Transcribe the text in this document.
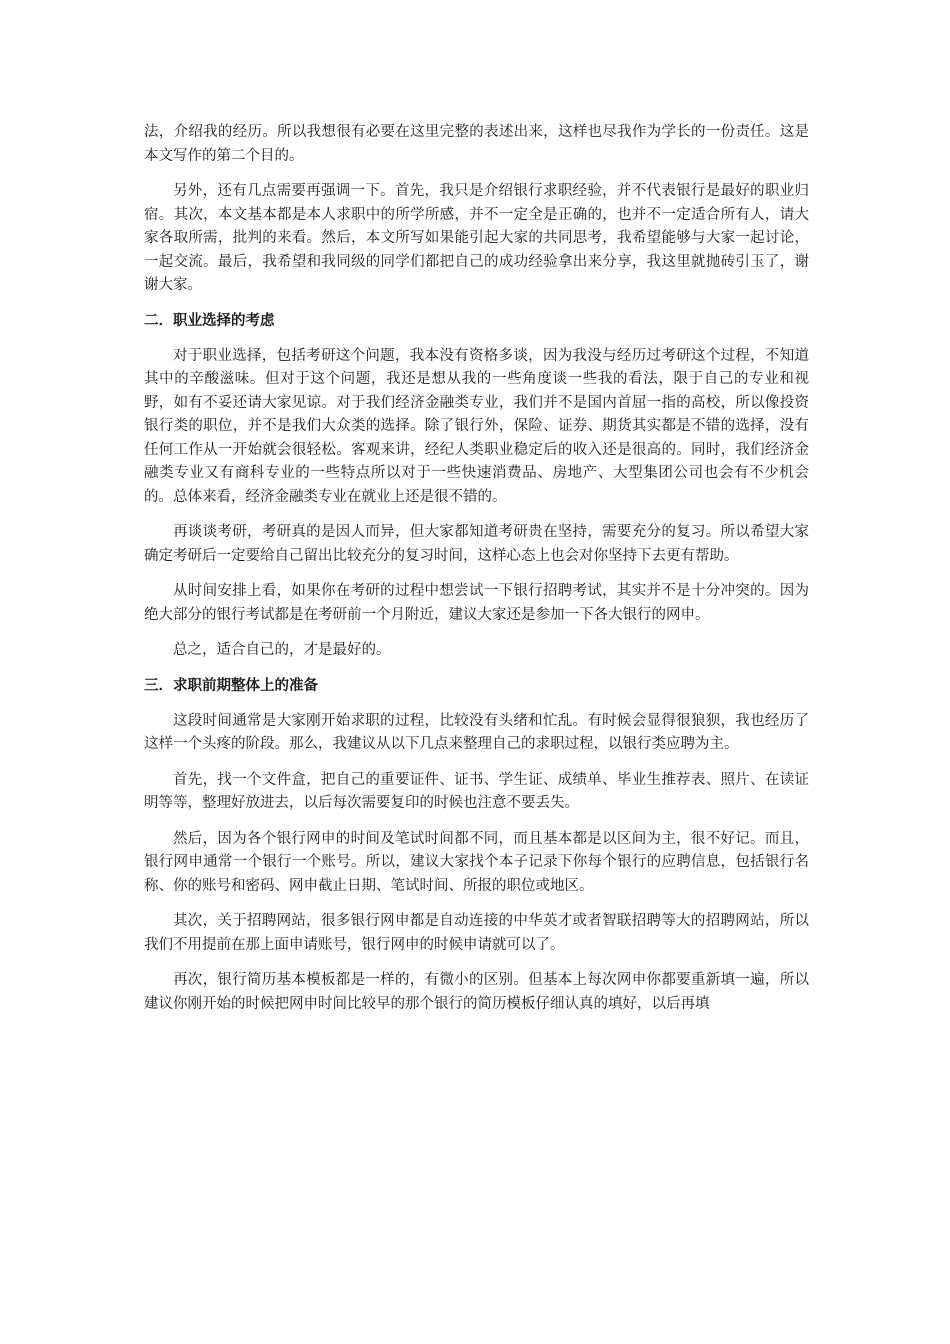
法，介绍我的经历。所以我想很有必要在这里完整的表述出来，这样也尽我作为学长的一份责任。这是本文写作的第二个目的。

另外，还有几点需要再强调一下。首先，我只是介绍银行求职经验，并不代表银行是最好的职业归宿。其次，本文基本都是本人求职中的所学所感，并不一定全是正确的，也并不一定适合所有人，请大家各取所需，批判的来看。然后，本文所写如果能引起大家的共同思考，我希望能够与大家一起讨论，一起交流。最后，我希望和我同级的同学们都把自己的成功经验拿出来分享，我这里就抛砖引玉了，谢谢大家。

二．职业选择的考虑

对于职业选择，包括考研这个问题，我本没有资格多谈，因为我没与经历过考研这个过程，不知道其中的辛酸滋味。但对于这个问题，我还是想从我的一些角度谈一些我的看法，限于自己的专业和视野，如有不妥还请大家见谅。对于我们经济金融类专业，我们并不是国内首屈一指的高校，所以像投资银行类的职位，并不是我们大众类的选择。除了银行外，保险、证券、期货其实都是不错的选择，没有任何工作从一开始就会很轻松。客观来讲，经纪人类职业稳定后的收入还是很高的。同时，我们经济金融类专业又有商科专业的一些特点所以对于一些快速消费品、房地产、大型集团公司也会有不少机会的。总体来看，经济金融类专业在就业上还是很不错的。

再谈谈考研，考研真的是因人而异，但大家都知道考研贵在坚持，需要充分的复习。所以希望大家确定考研后一定要给自己留出比较充分的复习时间，这样心态上也会对你坚持下去更有帮助。

从时间安排上看，如果你在考研的过程中想尝试一下银行招聘考试，其实并不是十分冲突的。因为绝大部分的银行考试都是在考研前一个月附近，建议大家还是参加一下各大银行的网申。

总之，适合自己的，才是最好的。

三．求职前期整体上的准备

这段时间通常是大家刚开始求职的过程，比较没有头绪和忙乱。有时候会显得很狼狈，我也经历了这样一个头疼的阶段。那么，我建议从以下几点来整理自己的求职过程，以银行类应聘为主。

首先，找一个文件盒，把自己的重要证件、证书、学生证、成绩单、毕业生推荐表、照片、在读证明等等，整理好放进去，以后每次需要复印的时候也注意不要丢失。

然后，因为各个银行网申的时间及笔试时间都不同，而且基本都是以区间为主，很不好记。而且，银行网申通常一个银行一个账号。所以，建议大家找个本子记录下你每个银行的应聘信息，包括银行名称、你的账号和密码、网申截止日期、笔试时间、所报的职位或地区。

其次，关于招聘网站，很多银行网申都是自动连接的中华英才或者智联招聘等大的招聘网站，所以我们不用提前在那上面申请账号，银行网申的时候申请就可以了。

再次，银行简历基本模板都是一样的，有微小的区别。但基本上每次网申你都要重新填一遍，所以建议你刚开始的时候把网申时间比较早的那个银行的简历模板仔细认真的填好，以后再填
